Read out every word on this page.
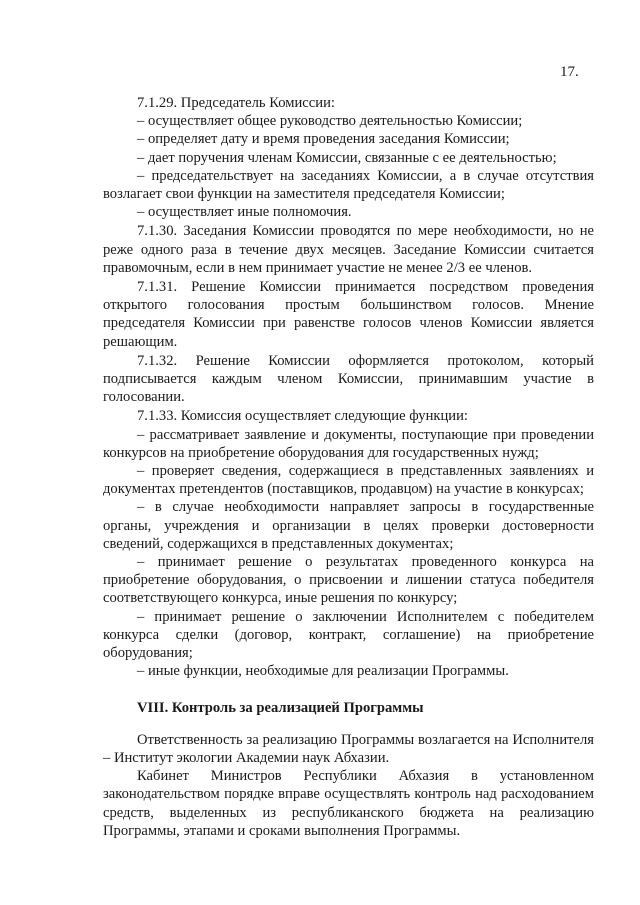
17.

7.1.29. Председатель Комиссии:

– осуществляет общее руководство деятельностью Комиссии;

– определяет дату и время проведения заседания Комиссии;

– дает поручения членам Комиссии, связанные с ее деятельностью;

– председательствует на заседаниях Комиссии, а в случае отсутствия возлагает свои функции на заместителя председателя Комиссии;

– осуществляет иные полномочия.

7.1.30. Заседания Комиссии проводятся по мере необходимости, но не реже одного раза в течение двух месяцев. Заседание Комиссии считается правомочным, если в нем принимает участие не менее 2/3 ее членов.

7.1.31. Решение Комиссии принимается посредством проведения открытого голосования простым большинством голосов. Мнение председателя Комиссии при равенстве голосов членов Комиссии является решающим.

7.1.32. Решение Комиссии оформляется протоколом, который подписывается каждым членом Комиссии, принимавшим участие в голосовании.

7.1.33. Комиссия осуществляет следующие функции:

– рассматривает заявление и документы, поступающие при проведении конкурсов на приобретение оборудования для государственных нужд;

– проверяет сведения, содержащиеся в представленных заявлениях и документах претендентов (поставщиков, продавцом) на участие в конкурсах;

– в случае необходимости направляет запросы в государственные органы, учреждения и организации в целях проверки достоверности сведений, содержащихся в представленных документах;

– принимает решение о результатах проведенного конкурса на приобретение оборудования, о присвоении и лишении статуса победителя соответствующего конкурса, иные решения по конкурсу;

– принимает решение о заключении Исполнителем с победителем конкурса сделки (договор, контракт, соглашение) на приобретение оборудования;

– иные функции, необходимые для реализации Программы.

VIII. Контроль за реализацией Программы

Ответственность за реализацию Программы возлагается на Исполнителя – Институт экологии Академии наук Абхазии.

Кабинет Министров Республики Абхазия в установленном законодательством порядке вправе осуществлять контроль над расходованием средств, выделенных из республиканского бюджета на реализацию Программы, этапами и сроками выполнения Программы.
